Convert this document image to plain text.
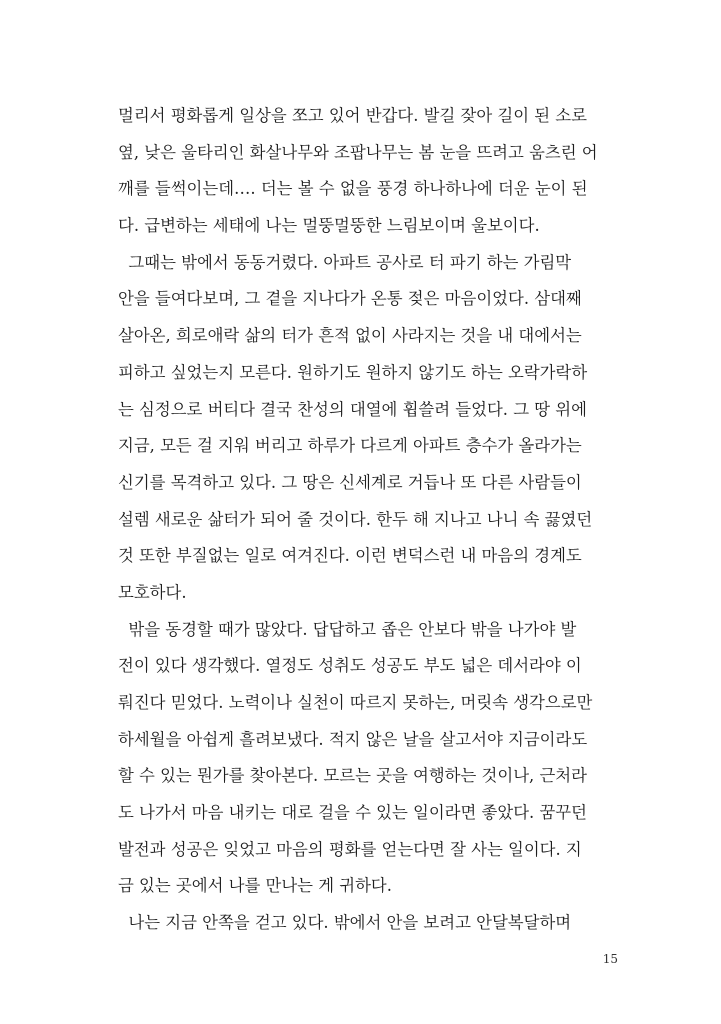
멀리서 평화롭게 일상을 쪼고 있어 반갑다. 발길 잦아 길이 된 소로
옆, 낮은 울타리인 화살나무와 조팝나무는 봄 눈을 뜨려고 움츠린 어
깨를 들썩이는데…. 더는 볼 수 없을 풍경 하나하나에 더운 눈이 된
다. 급변하는 세태에 나는 멀뚱멀뚱한 느림보이며 울보이다.
그때는 밖에서 동동거렸다. 아파트 공사로 터 파기 하는 가림막
안을 들여다보며, 그 곁을 지나다가 온통 젖은 마음이었다. 삼대째
살아온, 희로애락 삶의 터가 흔적 없이 사라지는 것을 내 대에서는
피하고 싶었는지 모른다. 원하기도 원하지 않기도 하는 오락가락하
는 심정으로 버티다 결국 찬성의 대열에 휩쓸려 들었다. 그 땅 위에
지금, 모든 걸 지워 버리고 하루가 다르게 아파트 층수가 올라가는
신기를 목격하고 있다. 그 땅은 신세계로 거듭나 또 다른 사람들이
설렘 새로운 삶터가 되어 줄 것이다. 한두 해 지나고 나니 속 끓였던
것 또한 부질없는 일로 여겨진다. 이런 변덕스런 내 마음의 경계도
모호하다.
밖을 동경할 때가 많았다. 답답하고 좁은 안보다 밖을 나가야 발
전이 있다 생각했다. 열정도 성취도 성공도 부도 넓은 데서라야 이
뤄진다 믿었다. 노력이나 실천이 따르지 못하는, 머릿속 생각으로만
하세월을 아쉽게 흘려보냈다. 적지 않은 날을 살고서야 지금이라도
할 수 있는 뭔가를 찾아본다. 모르는 곳을 여행하는 것이나, 근처라
도 나가서 마음 내키는 대로 걸을 수 있는 일이라면 좋았다. 꿈꾸던
발전과 성공은 잊었고 마음의 평화를 얻는다면 잘 사는 일이다. 지
금 있는 곳에서 나를 만나는 게 귀하다.
나는 지금 안쪽을 걷고 있다. 밖에서 안을 보려고 안달복달하며
15
